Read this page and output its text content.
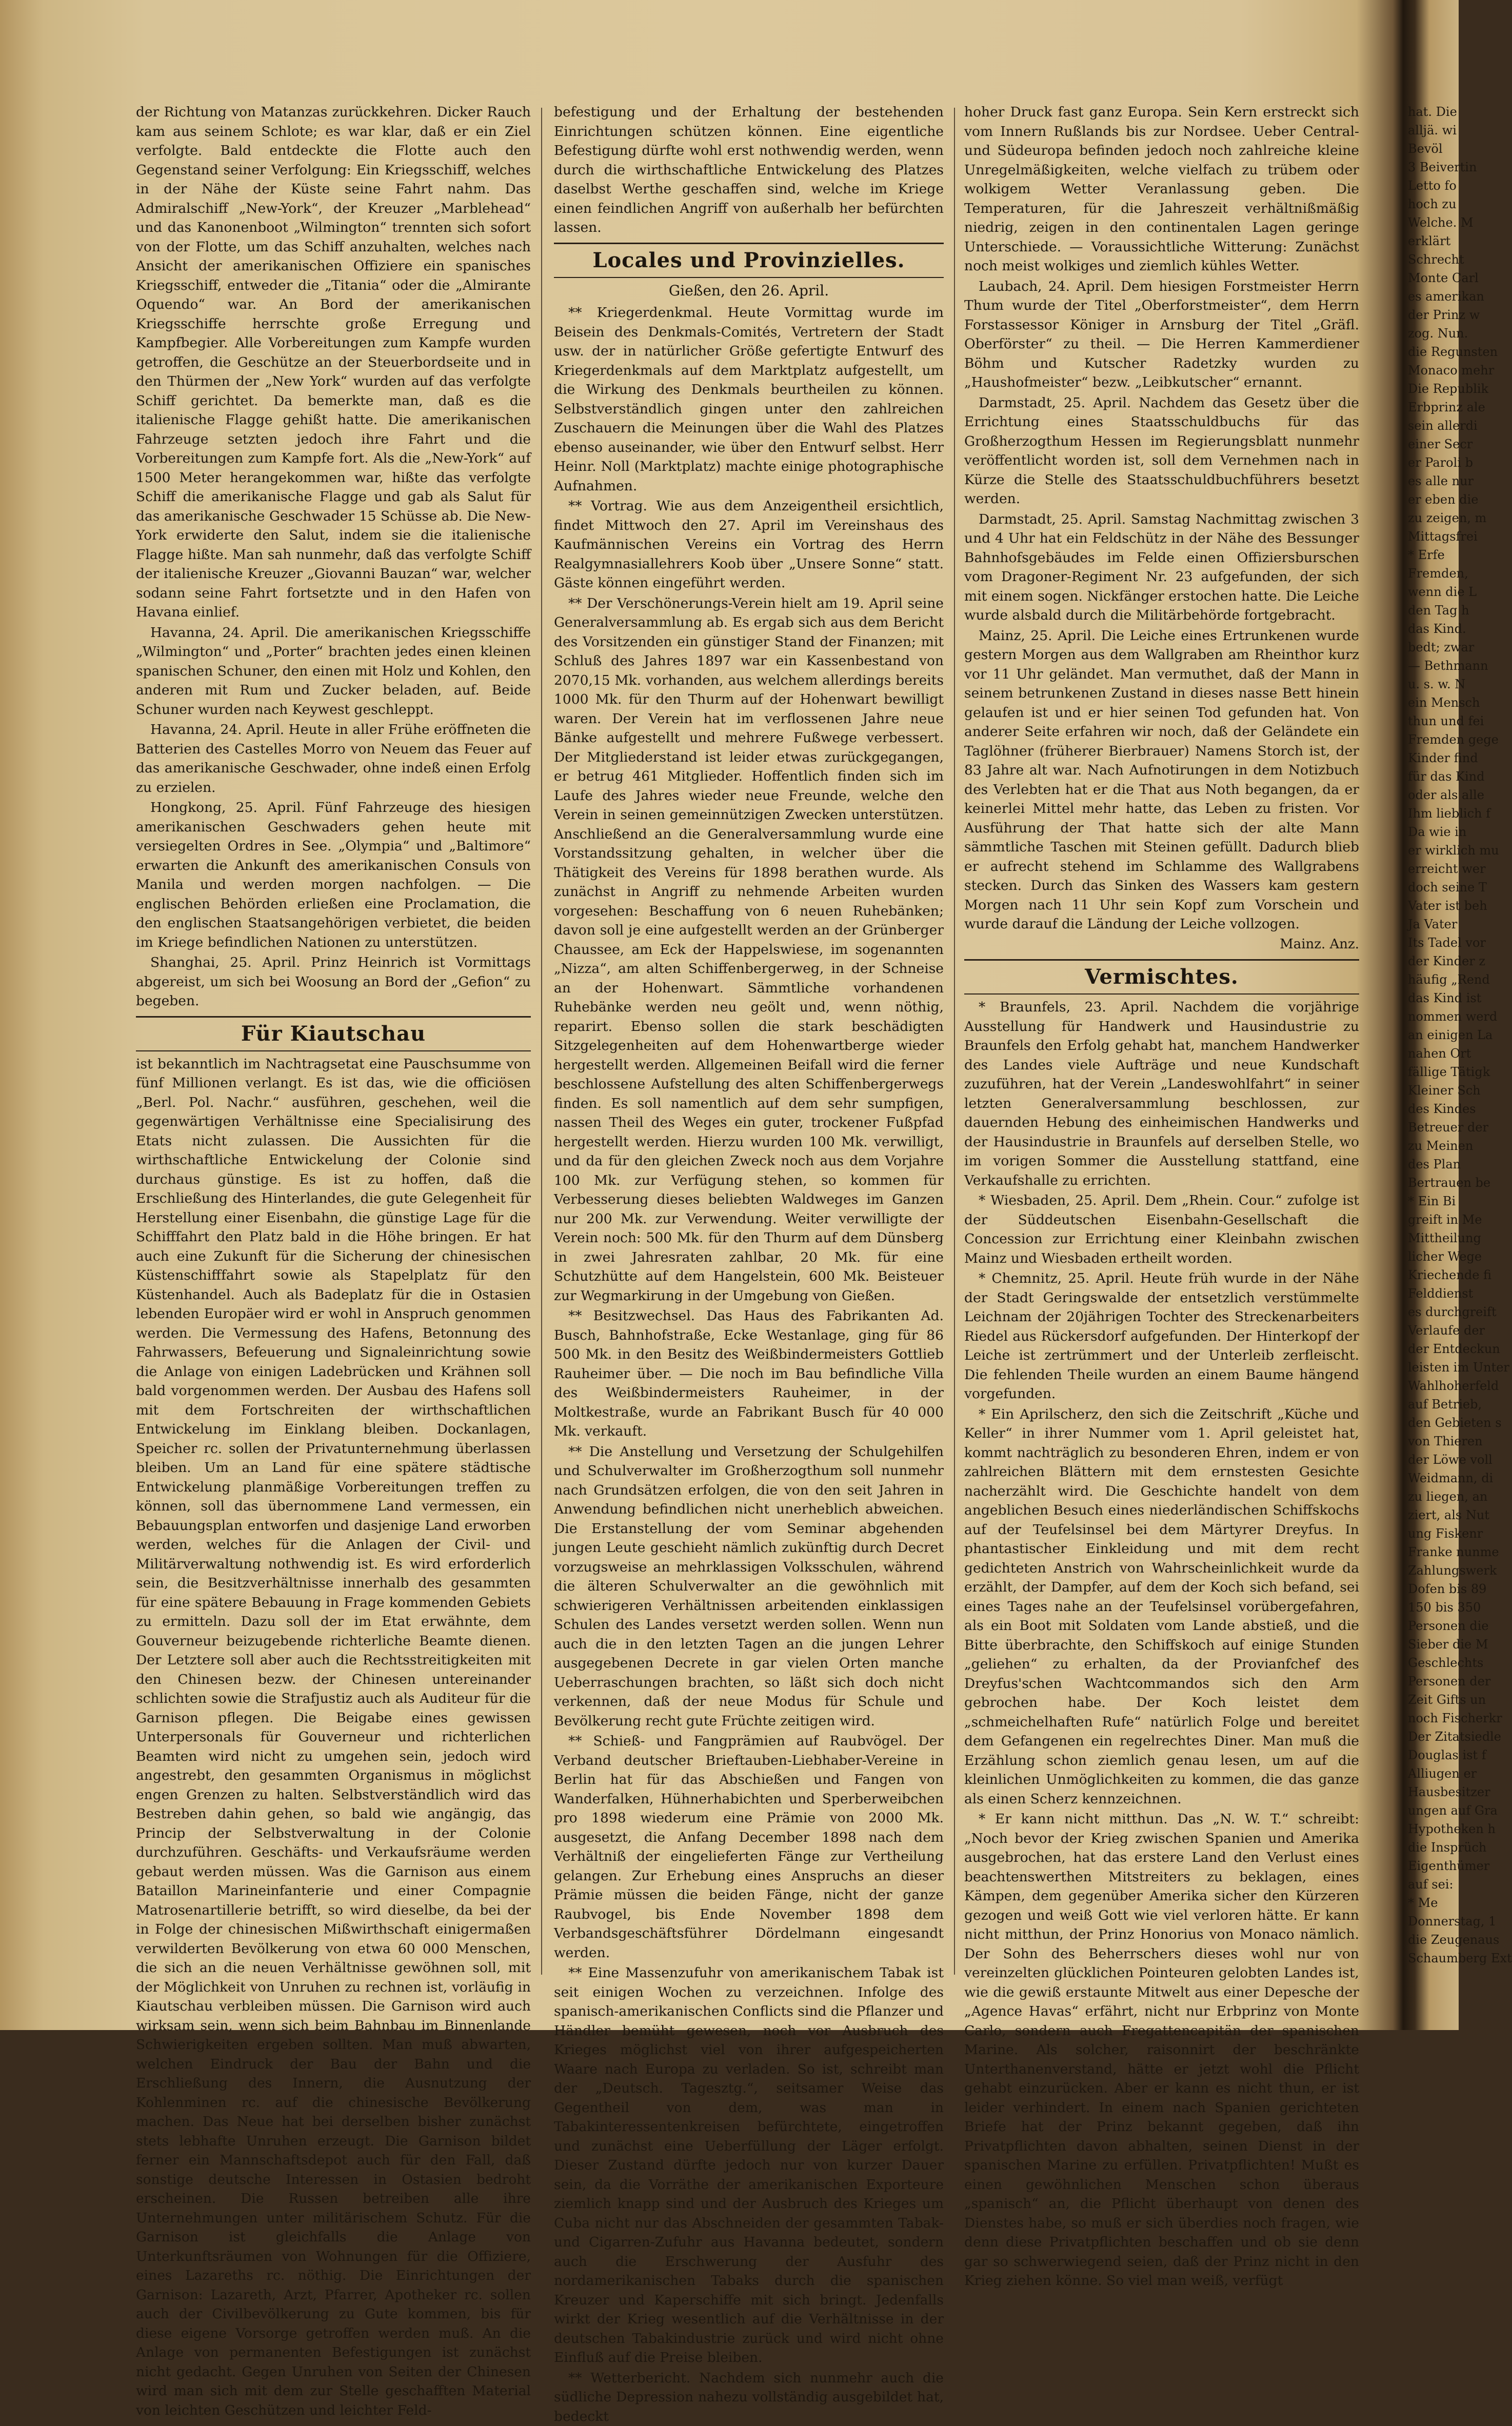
der Richtung von Matanzas zurückkehren. Dicker Rauch kam aus seinem Schlote; es war klar, daß er ein Ziel verfolgte. Bald entdeckte die Flotte auch den Gegenstand seiner Verfolgung: Ein Kriegsschiff, welches in der Nähe der Küste seine Fahrt nahm. Das Admiralschiff „New-York“, der Kreuzer „Marblehead“ und das Kanonenboot „Wilmington“ trennten sich sofort von der Flotte, um das Schiff anzuhalten, welches nach Ansicht der amerikanischen Offiziere ein spanisches Kriegsschiff, entweder die „Titania“ oder die „Almirante Oquendo“ war. An Bord der amerikanischen Kriegsschiffe herrschte große Erregung und Kampfbegier. Alle Vorbereitungen zum Kampfe wurden getroffen, die Geschütze an der Steuerbordseite und in den Thürmen der „New York“ wurden auf das verfolgte Schiff gerichtet. Da bemerkte man, daß es die italienische Flagge gehißt hatte. Die amerikanischen Fahrzeuge setzten jedoch ihre Fahrt und die Vorbereitungen zum Kampfe fort. Als die „New-York“ auf 1500 Meter herangekommen war, hißte das verfolgte Schiff die amerikanische Flagge und gab als Salut für das amerikanische Geschwader 15 Schüsse ab. Die New-York erwiderte den Salut, indem sie die italienische Flagge hißte. Man sah nunmehr, daß das verfolgte Schiff der italienische Kreuzer „Giovanni Bauzan“ war, welcher sodann seine Fahrt fortsetzte und in den Hafen von Havana einlief.

Havanna, 24. April. Die amerikanischen Kriegsschiffe „Wilmington“ und „Porter“ brachten jedes einen kleinen spanischen Schuner, den einen mit Holz und Kohlen, den anderen mit Rum und Zucker beladen, auf. Beide Schuner wurden nach Keywest geschleppt.

Havanna, 24. April. Heute in aller Frühe eröffneten die Batterien des Castelles Morro von Neuem das Feuer auf das amerikanische Geschwader, ohne indeß einen Erfolg zu erzielen.

Hongkong, 25. April. Fünf Fahrzeuge des hiesigen amerikanischen Geschwaders gehen heute mit versiegelten Ordres in See. „Olympia“ und „Baltimore“ erwarten die Ankunft des amerikanischen Consuls von Manila und werden morgen nachfolgen. — Die englischen Behörden erließen eine Proclamation, die den englischen Staatsangehörigen verbietet, die beiden im Kriege befindlichen Nationen zu unterstützen.

Shanghai, 25. April. Prinz Heinrich ist Vormittags abgereist, um sich bei Woosung an Bord der „Gefion“ zu begeben.

Für Kiautschau

ist bekanntlich im Nachtragsetat eine Pauschsumme von fünf Millionen verlangt. Es ist das, wie die officiösen „Berl. Pol. Nachr.“ ausführen, geschehen, weil die gegenwärtigen Verhältnisse eine Specialisirung des Etats nicht zulassen. Die Aussichten für die wirthschaftliche Entwickelung der Colonie sind durchaus günstige. Es ist zu hoffen, daß die Erschließung des Hinterlandes, die gute Gelegenheit für Herstellung einer Eisenbahn, die günstige Lage für die Schifffahrt den Platz bald in die Höhe bringen. Er hat auch eine Zukunft für die Sicherung der chinesischen Küstenschifffahrt sowie als Stapelplatz für den Küstenhandel. Auch als Badeplatz für die in Ostasien lebenden Europäer wird er wohl in Anspruch genommen werden. Die Vermessung des Hafens, Betonnung des Fahrwassers, Befeuerung und Signaleinrichtung sowie die Anlage von einigen Ladebrücken und Krähnen soll bald vorgenommen werden. Der Ausbau des Hafens soll mit dem Fortschreiten der wirthschaftlichen Entwickelung im Einklang bleiben. Dockanlagen, Speicher rc. sollen der Privatunternehmung überlassen bleiben. Um an Land für eine spätere städtische Entwickelung planmäßige Vorbereitungen treffen zu können, soll das übernommene Land vermessen, ein Bebauungsplan entworfen und dasjenige Land erworben werden, welches für die Anlagen der Civil- und Militärverwaltung nothwendig ist. Es wird erforderlich sein, die Besitzverhältnisse innerhalb des gesammten für eine spätere Bebauung in Frage kommenden Gebiets zu ermitteln. Dazu soll der im Etat erwähnte, dem Gouverneur beizugebende richterliche Beamte dienen. Der Letztere soll aber auch die Rechtsstreitigkeiten mit den Chinesen bezw. der Chinesen untereinander schlichten sowie die Strafjustiz auch als Auditeur für die Garnison pflegen. Die Beigabe eines gewissen Unterpersonals für Gouverneur und richterlichen Beamten wird nicht zu umgehen sein, jedoch wird angestrebt, den gesammten Organismus in möglichst engen Grenzen zu halten. Selbstverständlich wird das Bestreben dahin gehen, so bald wie angängig, das Princip der Selbstverwaltung in der Colonie durchzuführen. Geschäfts- und Verkaufsräume werden gebaut werden müssen. Was die Garnison aus einem Bataillon Marineinfanterie und einer Compagnie Matrosenartillerie betrifft, so wird dieselbe, da bei der in Folge der chinesischen Mißwirthschaft einigermaßen verwilderten Bevölkerung von etwa 60 000 Menschen, die sich an die neuen Verhältnisse gewöhnen soll, mit der Möglichkeit von Unruhen zu rechnen ist, vorläufig in Kiautschau verbleiben müssen. Die Garnison wird auch wirksam sein, wenn sich beim Bahnbau im Binnenlande Schwierigkeiten ergeben sollten. Man muß abwarten, welchen Eindruck der Bau der Bahn und die Erschließung des Innern, die Ausnutzung der Kohlenminen rc. auf die chinesische Bevölkerung machen. Das Neue hat bei derselben bisher zunächst stets lebhafte Unruhen erzeugt. Die Garnison bildet ferner ein Mannschaftsdepot auch für den Fall, daß sonstige deutsche Interessen in Ostasien bedroht erscheinen. Die Russen betreiben alle ihre Unternehmungen unter militärischem Schutz. Für die Garnison ist gleichfalls die Anlage von Unterkunftsräumen von Wohnungen für die Offiziere, eines Lazareths rc. nöthig. Die Einrichtungen der Garnison: Lazareth, Arzt, Pfarrer, Apotheker rc. sollen auch der Civilbevölkerung zu Gute kommen, bis für diese eigene Vorsorge getroffen werden muß. An die Anlage von permanenten Befestigungen ist zunächst nicht gedacht. Gegen Unruhen von Seiten der Chinesen wird man sich mit dem zur Stelle geschafften Material von leichten Geschützen und leichter Feld-

befestigung und der Erhaltung der bestehenden Einrichtungen schützen können. Eine eigentliche Befestigung dürfte wohl erst nothwendig werden, wenn durch die wirthschaftliche Entwickelung des Platzes daselbst Werthe geschaffen sind, welche im Kriege einen feindlichen Angriff von außerhalb her befürchten lassen.

Locales und Provinzielles.
Gießen, den 26. April.

** Kriegerdenkmal. Heute Vormittag wurde im Beisein des Denkmals-Comités, Vertretern der Stadt usw. der in natürlicher Größe gefertigte Entwurf des Kriegerdenkmals auf dem Marktplatz aufgestellt, um die Wirkung des Denkmals beurtheilen zu können. Selbstverständlich gingen unter den zahlreichen Zuschauern die Meinungen über die Wahl des Platzes ebenso auseinander, wie über den Entwurf selbst. Herr Heinr. Noll (Marktplatz) machte einige photographische Aufnahmen.

** Vortrag. Wie aus dem Anzeigentheil ersichtlich, findet Mittwoch den 27. April im Vereinshaus des Kaufmännischen Vereins ein Vortrag des Herrn Realgymnasiallehrers Koob über „Unsere Sonne“ statt. Gäste können eingeführt werden.

** Der Verschönerungs-Verein hielt am 19. April seine Generalversammlung ab. Es ergab sich aus dem Bericht des Vorsitzenden ein günstiger Stand der Finanzen; mit Schluß des Jahres 1897 war ein Kassenbestand von 2070,15 Mk. vorhanden, aus welchem allerdings bereits 1000 Mk. für den Thurm auf der Hohenwart bewilligt waren. Der Verein hat im verflossenen Jahre neue Bänke aufgestellt und mehrere Fußwege verbessert. Der Mitgliederstand ist leider etwas zurückgegangen, er betrug 461 Mitglieder. Hoffentlich finden sich im Laufe des Jahres wieder neue Freunde, welche den Verein in seinen gemeinnützigen Zwecken unterstützen. Anschließend an die Generalversammlung wurde eine Vorstandssitzung gehalten, in welcher über die Thätigkeit des Vereins für 1898 berathen wurde. Als zunächst in Angriff zu nehmende Arbeiten wurden vorgesehen: Beschaffung von 6 neuen Ruhebänken; davon soll je eine aufgestellt werden an der Grünberger Chaussee, am Eck der Happelswiese, im sogenannten „Nizza“, am alten Schiffenbergerweg, in der Schneise an der Hohenwart. Sämmtliche vorhandenen Ruhebänke werden neu geölt und, wenn nöthig, reparirt. Ebenso sollen die stark beschädigten Sitzgelegenheiten auf dem Hohenwartberge wieder hergestellt werden. Allgemeinen Beifall wird die ferner beschlossene Aufstellung des alten Schiffenbergerwegs finden. Es soll namentlich auf dem sehr sumpfigen, nassen Theil des Weges ein guter, trockener Fußpfad hergestellt werden. Hierzu wurden 100 Mk. verwilligt, und da für den gleichen Zweck noch aus dem Vorjahre 100 Mk. zur Verfügung stehen, so kommen für Verbesserung dieses beliebten Waldweges im Ganzen nur 200 Mk. zur Verwendung. Weiter verwilligte der Verein noch: 500 Mk. für den Thurm auf dem Dünsberg in zwei Jahresraten zahlbar, 20 Mk. für eine Schutzhütte auf dem Hangelstein, 600 Mk. Beisteuer zur Wegmarkirung in der Umgebung von Gießen.

** Besitzwechsel. Das Haus des Fabrikanten Ad. Busch, Bahnhofstraße, Ecke Westanlage, ging für 86 500 Mk. in den Besitz des Weißbindermeisters Gottlieb Rauheimer über. — Die noch im Bau befindliche Villa des Weißbindermeisters Rauheimer, in der Moltkestraße, wurde an Fabrikant Busch für 40 000 Mk. verkauft.

** Die Anstellung und Versetzung der Schulgehilfen und Schulverwalter im Großherzogthum soll nunmehr nach Grundsätzen erfolgen, die von den seit Jahren in Anwendung befindlichen nicht unerheblich abweichen. Die Erstanstellung der vom Seminar abgehenden jungen Leute geschieht nämlich zukünftig durch Decret vorzugsweise an mehrklassigen Volksschulen, während die älteren Schulverwalter an die gewöhnlich mit schwierigeren Verhältnissen arbeitenden einklassigen Schulen des Landes versetzt werden sollen. Wenn nun auch die in den letzten Tagen an die jungen Lehrer ausgegebenen Decrete in gar vielen Orten manche Ueberraschungen brachten, so läßt sich doch nicht verkennen, daß der neue Modus für Schule und Bevölkerung recht gute Früchte zeitigen wird.

** Schieß- und Fangprämien auf Raubvögel. Der Verband deutscher Brieftauben-Liebhaber-Vereine in Berlin hat für das Abschießen und Fangen von Wanderfalken, Hühnerhabichten und Sperberweibchen pro 1898 wiederum eine Prämie von 2000 Mk. ausgesetzt, die Anfang December 1898 nach dem Verhältniß der eingelieferten Fänge zur Vertheilung gelangen. Zur Erhebung eines Anspruchs an dieser Prämie müssen die beiden Fänge, nicht der ganze Raubvogel, bis Ende November 1898 dem Verbandsgeschäftsführer Dördelmann eingesandt werden.

** Eine Massenzufuhr von amerikanischem Tabak ist seit einigen Wochen zu verzeichnen. Infolge des spanisch-amerikanischen Conflicts sind die Pflanzer und Händler bemüht gewesen, noch vor Ausbruch des Krieges möglichst viel von ihrer aufgespeicherten Waare nach Europa zu verladen. So ist, schreibt man der „Deutsch. Tagesztg.“, seitsamer Weise das Gegentheil von dem, was man in Tabakinteressentenkreisen befürchtete, eingetroffen und zunächst eine Ueberfüllung der Läger erfolgt. Dieser Zustand dürfte jedoch nur von kurzer Dauer sein, da die Vorräthe der amerikanischen Exporteure ziemlich knapp sind und der Ausbruch des Krieges um Cuba nicht nur das Abschneiden der gesammten Tabak- und Cigarren-Zufuhr aus Havanna bedeutet, sondern auch die Erschwerung der Ausfuhr des nordamerikanischen Tabaks durch die spanischen Kreuzer und Kaperschiffe mit sich bringt. Jedenfalls wirkt der Krieg wesentlich auf die Verhältnisse in der deutschen Tabakindustrie zurück und wird nicht ohne Einfluß auf die Preise bleiben.

** Wetterbericht. Nachdem sich nunmehr auch die südliche Depression nahezu vollständig ausgebildet hat, bedeckt

hoher Druck fast ganz Europa. Sein Kern erstreckt sich vom Innern Rußlands bis zur Nordsee. Ueber Central- und Südeuropa befinden jedoch noch zahlreiche kleine Unregelmäßigkeiten, welche vielfach zu trübem oder wolkigem Wetter Veranlassung geben. Die Temperaturen, für die Jahreszeit verhältnißmäßig niedrig, zeigen in den continentalen Lagen geringe Unterschiede. — Voraussichtliche Witterung: Zunächst noch meist wolkiges und ziemlich kühles Wetter.

Laubach, 24. April. Dem hiesigen Forstmeister Herrn Thum wurde der Titel „Oberforstmeister“, dem Herrn Forstassessor Königer in Arnsburg der Titel „Gräfl. Oberförster“ zu theil. — Die Herren Kammerdiener Böhm und Kutscher Radetzky wurden zu „Haushofmeister“ bezw. „Leibkutscher“ ernannt.

Darmstadt, 25. April. Nachdem das Gesetz über die Errichtung eines Staatsschuldbuchs für das Großherzogthum Hessen im Regierungsblatt nunmehr veröffentlicht worden ist, soll dem Vernehmen nach in Kürze die Stelle des Staatsschuldbuchführers besetzt werden.

Darmstadt, 25. April. Samstag Nachmittag zwischen 3 und 4 Uhr hat ein Feldschütz in der Nähe des Bessunger Bahnhofsgebäudes im Felde einen Offiziersburschen vom Dragoner-Regiment Nr. 23 aufgefunden, der sich mit einem sogen. Nickfänger erstochen hatte. Die Leiche wurde alsbald durch die Militärbehörde fortgebracht.

Mainz, 25. April. Die Leiche eines Ertrunkenen wurde gestern Morgen aus dem Wallgraben am Rheinthor kurz vor 11 Uhr geländet. Man vermuthet, daß der Mann in seinem betrunkenen Zustand in dieses nasse Bett hinein gelaufen ist und er hier seinen Tod gefunden hat. Von anderer Seite erfahren wir noch, daß der Geländete ein Taglöhner (früherer Bierbrauer) Namens Storch ist, der 83 Jahre alt war. Nach Aufnotirungen in dem Notizbuch des Verlebten hat er die That aus Noth begangen, da er keinerlei Mittel mehr hatte, das Leben zu fristen. Vor Ausführung der That hatte sich der alte Mann sämmtliche Taschen mit Steinen gefüllt. Dadurch blieb er aufrecht stehend im Schlamme des Wallgrabens stecken. Durch das Sinken des Wassers kam gestern Morgen nach 11 Uhr sein Kopf zum Vorschein und wurde darauf die Ländung der Leiche vollzogen.

Mainz. Anz.
Vermischtes.

* Braunfels, 23. April. Nachdem die vorjährige Ausstellung für Handwerk und Hausindustrie zu Braunfels den Erfolg gehabt hat, manchem Handwerker des Landes viele Aufträge und neue Kundschaft zuzuführen, hat der Verein „Landeswohlfahrt“ in seiner letzten Generalversammlung beschlossen, zur dauernden Hebung des einheimischen Handwerks und der Hausindustrie in Braunfels auf derselben Stelle, wo im vorigen Sommer die Ausstellung stattfand, eine Verkaufshalle zu errichten.

* Wiesbaden, 25. April. Dem „Rhein. Cour.“ zufolge ist der Süddeutschen Eisenbahn-Gesellschaft die Concession zur Errichtung einer Kleinbahn zwischen Mainz und Wiesbaden ertheilt worden.

* Chemnitz, 25. April. Heute früh wurde in der Nähe der Stadt Geringswalde der entsetzlich verstümmelte Leichnam der 20jährigen Tochter des Streckenarbeiters Riedel aus Rückersdorf aufgefunden. Der Hinterkopf der Leiche ist zertrümmert und der Unterleib zerfleischt. Die fehlenden Theile wurden an einem Baume hängend vorgefunden.

* Ein Aprilscherz, den sich die Zeitschrift „Küche und Keller“ in ihrer Nummer vom 1. April geleistet hat, kommt nachträglich zu besonderen Ehren, indem er von zahlreichen Blättern mit dem ernstesten Gesichte nacherzählt wird. Die Geschichte handelt von dem angeblichen Besuch eines niederländischen Schiffskochs auf der Teufelsinsel bei dem Märtyrer Dreyfus. In phantastischer Einkleidung und mit dem recht gedichteten Anstrich von Wahrscheinlichkeit wurde da erzählt, der Dampfer, auf dem der Koch sich befand, sei eines Tages nahe an der Teufelsinsel vorübergefahren, als ein Boot mit Soldaten vom Lande abstieß, und die Bitte überbrachte, den Schiffskoch auf einige Stunden „geliehen“ zu erhalten, da der Provianfchef des Dreyfus'schen Wachtcommandos sich den Arm gebrochen habe. Der Koch leistet dem „schmeichelhaften Rufe“ natürlich Folge und bereitet dem Gefangenen ein regelrechtes Diner. Man muß die Erzählung schon ziemlich genau lesen, um auf die kleinlichen Unmöglichkeiten zu kommen, die das ganze als einen Scherz kennzeichnen.

* Er kann nicht mitthun. Das „N. W. T.“ schreibt: „Noch bevor der Krieg zwischen Spanien und Amerika ausgebrochen, hat das erstere Land den Verlust eines beachtenswerthen Mitstreiters zu beklagen, eines Kämpen, dem gegenüber Amerika sicher den Kürzeren gezogen und weiß Gott wie viel verloren hätte. Er kann nicht mitthun, der Prinz Honorius von Monaco nämlich. Der Sohn des Beherrschers dieses wohl nur von vereinzelten glücklichen Pointeuren gelobten Landes ist, wie die gewiß erstaunte Mitwelt aus einer Depesche der „Agence Havas“ erfährt, nicht nur Erbprinz von Monte Carlo, sondern auch Fregattencapitän der spanischen Marine. Als solcher, raisonnirt der beschränkte Unterthanenverstand, hätte er jetzt wohl die Pflicht gehabt einzurücken. Aber er kann es nicht thun, er ist leider verhindert. In einem nach Spanien gerichteten Briefe hat der Prinz bekannt gegeben, daß ihn Privatpflichten davon abhalten, seinen Dienst in der spanischen Marine zu erfüllen. Privatpflichten! Mußt es einen gewöhnlichen Menschen schon überaus „spanisch“ an, die Pflicht überhaupt von denen des Dienstes habe, so muß er sich überdies noch fragen, wie denn diese Privatpflichten beschaffen und ob sie denn gar so schwerwiegend seien, daß der Prinz nicht in den Krieg ziehen könne. So viel man weiß, verfügt

hat. Die

alljä. wi

Bevöl

3 Beivertin

Letto fo

hoch zu

Welche. M

erklärt

Schrecht

Monte Carl

es amerikan

der Prinz w

zog. Nun.

die Regunsten

Monaco mehr

Die Republik

Erbprinz ale

sein allerdi

einer Secr

er Paroli b

es alle nur

er eben die

zu zeigen, m

Mittagsfrei

* Erfe

Fremden,

wenn die L

den Tag h

das Kind.

bedt; zwar

— Bethmann

u. s. w. N

ein Mensch

thun und fei

Fremden gege

Kinder find

für das Kind

oder als alle

Ihm lieblich f

Da wie in

er wirklich mu

erreicht wer

doch seine T

Vater ist beh

Ja Vater

Its Tadel vor

der Kinder z

häufig „Rend

das Kind ist

nommen werd

an einigen La

nahen Ort

fällige Tätigk

Kleiner Sch

des Kindes

Betreuer der

zu Meinen

des Plan

Bertrauen be

* Ein Bi

greift in Me

Mittheilung

licher Wege

Kriechende fi

Felddienst

es durchgreift

Verlaufe der

der Entdeckun

leisten im Unter

Wahlhoherfeld

auf Betrieb,

den Gebieten s

von Thieren

der Löwe voll

Weidmann, di

zu liegen, an

ziert, als Nut

ung Fiskenr

Franke nunme

Zahlungswerk

Dofen bis 89

150 bis 350

Personen die

Sieber die M

Geschlechts

Personen der

Zeit Gifts un

noch Fischerkr

Der Zitatsiedle

Douglas ist f

Alliugen er

Hausbesitzer

ungen auf Gra

Hypotheken h

die Insprüch

Eigenthümer

auf sei:

* Me

Donnerstag, 1

die Zeugenaus

Schaumberg Ext
